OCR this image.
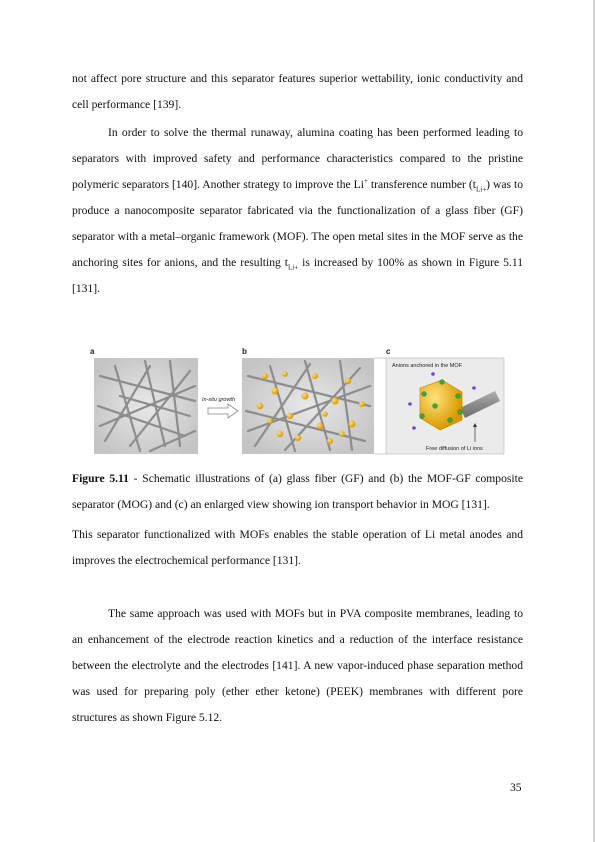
not affect pore structure and this separator features superior wettability, ionic conductivity and cell performance [139].

In order to solve the thermal runaway, alumina coating has been performed leading to separators with improved safety and performance characteristics compared to the pristine polymeric separators [140]. Another strategy to improve the Li+ transference number $(t_{Li+})$ was to produce a nanocomposite separator fabricated via the functionalization of a glass fiber (GF) separator with a metal–organic framework (MOF). The open metal sites in the MOF serve as the anchoring sites for anions, and the resulting $t_{Li+}$ is increased by 100% as shown in Figure 5.11 [131].

a
In-situ growth
b	c
Anions anchored in the MOF
Free diffusion of Li ions

Figure 5.11 - Schematic illustrations of (a) glass fiber (GF) and (b) the MOF-GF composite separator (MOG) and (c) an enlarged view showing ion transport behavior in MOG [131].

This separator functionalized with MOFs enables the stable operation of Li metal anodes and improves the electrochemical performance [131].

The same approach was used with MOFs but in PVA composite membranes, leading to an enhancement of the electrode reaction kinetics and a reduction of the interface resistance between the electrolyte and the electrodes [141]. A new vapor-induced phase separation method was used for preparing poly (ether ether ketone) (PEEK) membranes with different pore structures as shown Figure 5.12.

35
